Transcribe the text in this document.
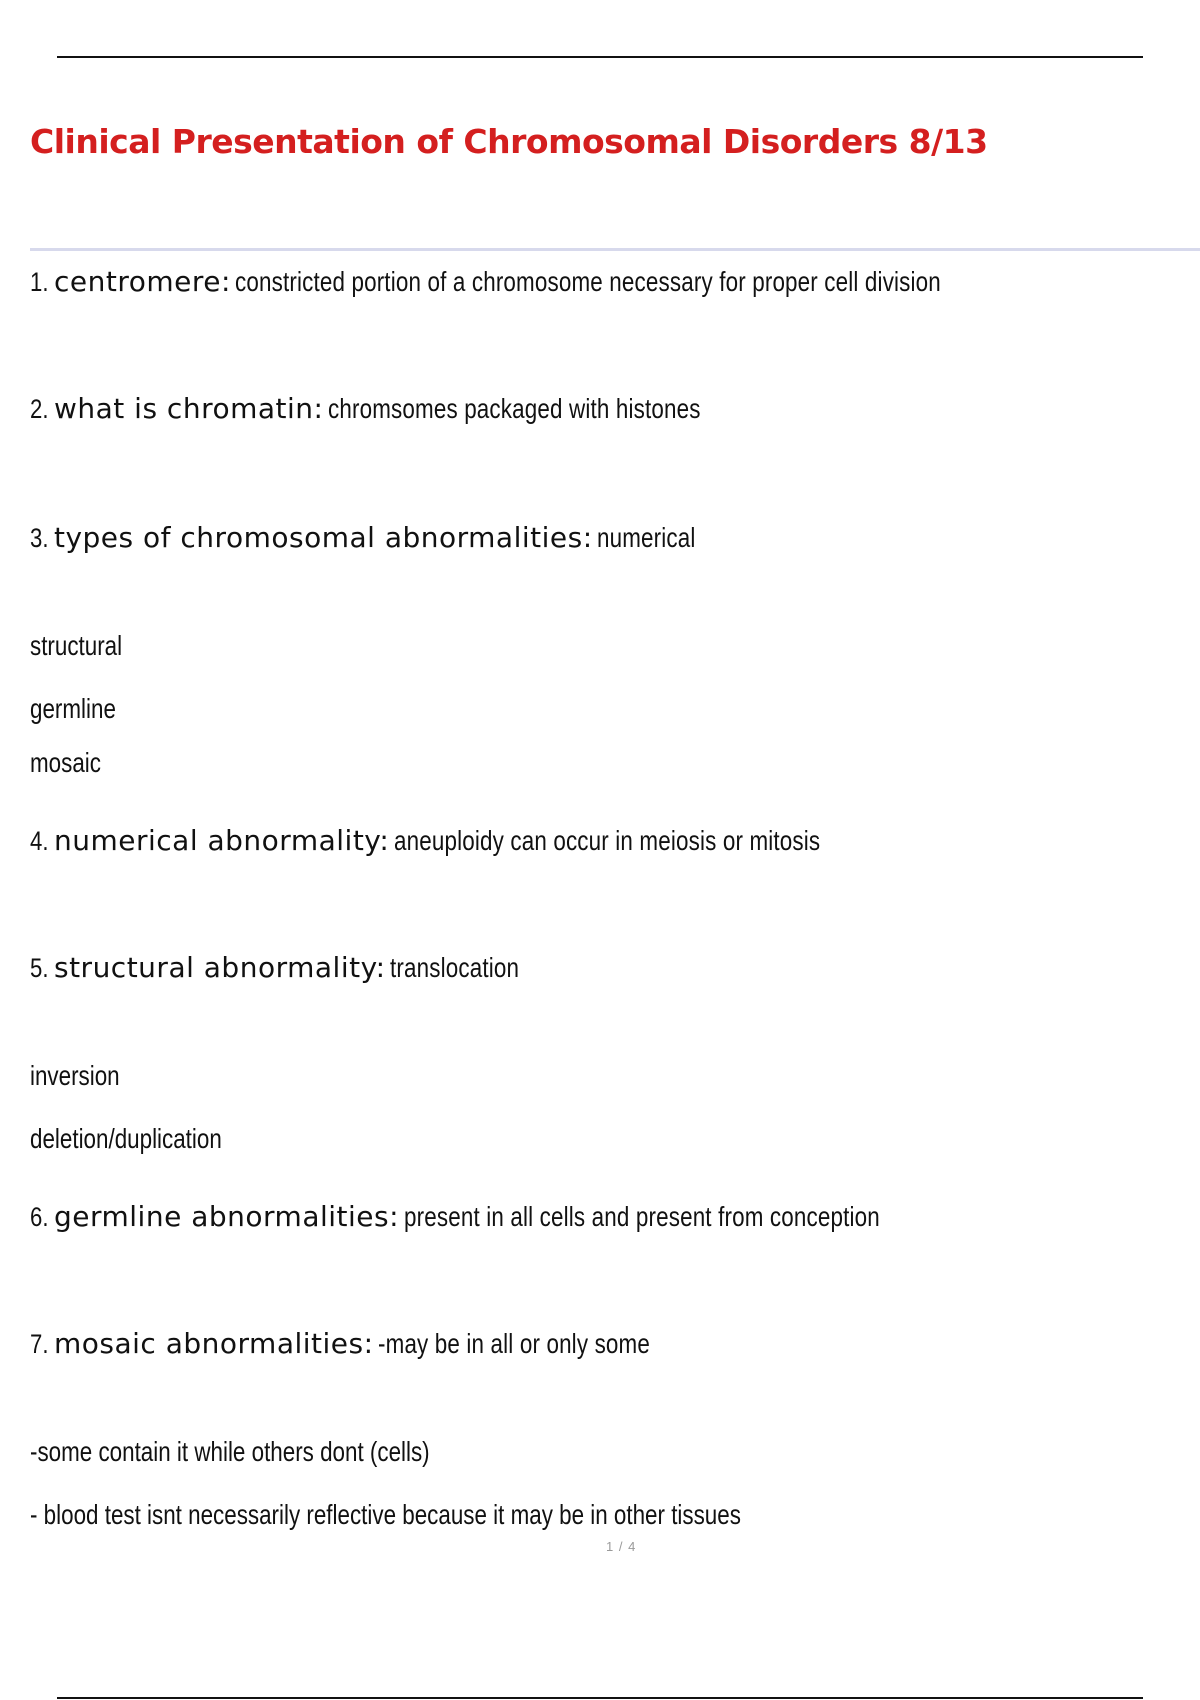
Clinical Presentation of Chromosomal Disorders 8/13
1. centromere: constricted portion of a chromosome necessary for proper cell division
2. what is chromatin: chromsomes packaged with histones
3. types of chromosomal abnormalities: numerical
structural
germline
mosaic
4. numerical abnormality: aneuploidy can occur in meiosis or mitosis
5. structural abnormality: translocation
inversion
deletion/duplication
6. germline abnormalities: present in all cells and present from conception
7. mosaic abnormalities: -may be in all or only some
-some contain it while others dont (cells)
- blood test isnt necessarily reflective because it may be in other tissues
1 / 4
